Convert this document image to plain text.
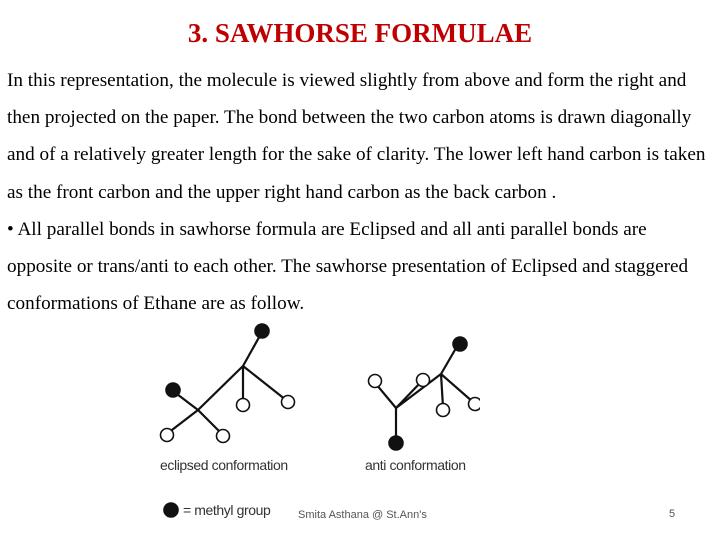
3. SAWHORSE FORMULAE

In this representation, the molecule is viewed slightly from above and form the right and then projected on the paper. The bond between the two carbon atoms is drawn diagonally and of a relatively greater length for the sake of clarity. The lower left hand carbon is taken as the front carbon and the upper right hand carbon as the back carbon .

• All parallel bonds in sawhorse formula are Eclipsed and all anti parallel bonds are opposite or trans/anti to each other. The sawhorse presentation of Eclipsed and staggered conformations of Ethane are as follow.

eclipsed conformation	anti conformation
= methyl group	Smita Asthana @ St.Ann's	5
